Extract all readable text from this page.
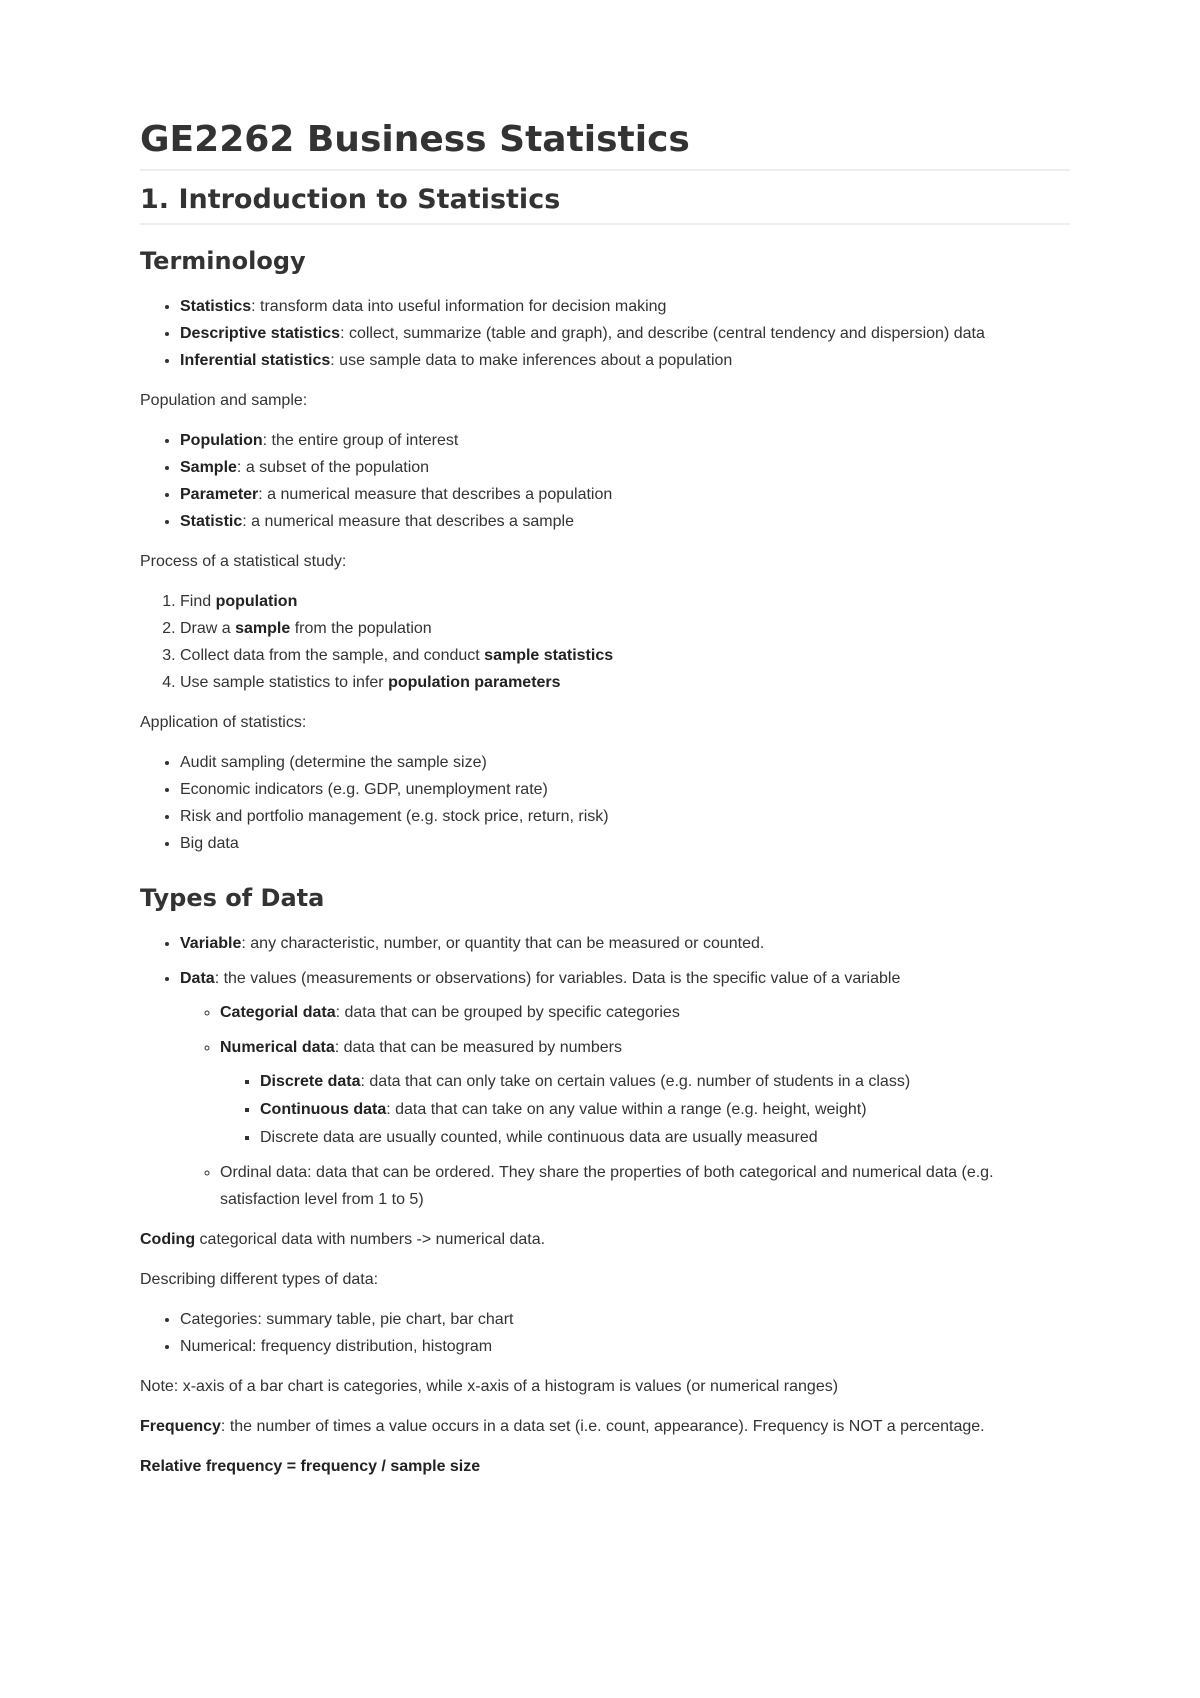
GE2262 Business Statistics
1. Introduction to Statistics
Terminology
• Statistics: transform data into useful information for decision making
• Descriptive statistics: collect, summarize (table and graph), and describe (central tendency and dispersion) data
• Inferential statistics: use sample data to make inferences about a population

Population and sample:

• Population: the entire group of interest
• Sample: a subset of the population
• Parameter: a numerical measure that describes a population
• Statistic: a numerical measure that describes a sample

Process of a statistical study:

1. Find population
2. Draw a sample from the population
3. Collect data from the sample, and conduct sample statistics
4. Use sample statistics to infer population parameters

Application of statistics:

• Audit sampling (determine the sample size)
• Economic indicators (e.g. GDP, unemployment rate)
• Risk and portfolio management (e.g. stock price, return, risk)
• Big data
Types of Data
• Variable: any characteristic, number, or quantity that can be measured or counted.
• Data: the values (measurements or observations) for variables. Data is the specific value of a variable
◦ Categorial data: data that can be grouped by specific categories
◦ Numerical data: data that can be measured by numbers
▪ Discrete data: data that can only take on certain values (e.g. number of students in a class)
▪ Continuous data: data that can take on any value within a range (e.g. height, weight)
▪ Discrete data are usually counted, while continuous data are usually measured
◦ Ordinal data: data that can be ordered. They share the properties of both categorical and numerical data (e.g. satisfaction level from 1 to 5)

Coding categorical data with numbers -> numerical data.

Describing different types of data:

• Categories: summary table, pie chart, bar chart
• Numerical: frequency distribution, histogram

Note: x-axis of a bar chart is categories, while x-axis of a histogram is values (or numerical ranges)

Frequency: the number of times a value occurs in a data set (i.e. count, appearance). Frequency is NOT a percentage.

Relative frequency = frequency / sample size
